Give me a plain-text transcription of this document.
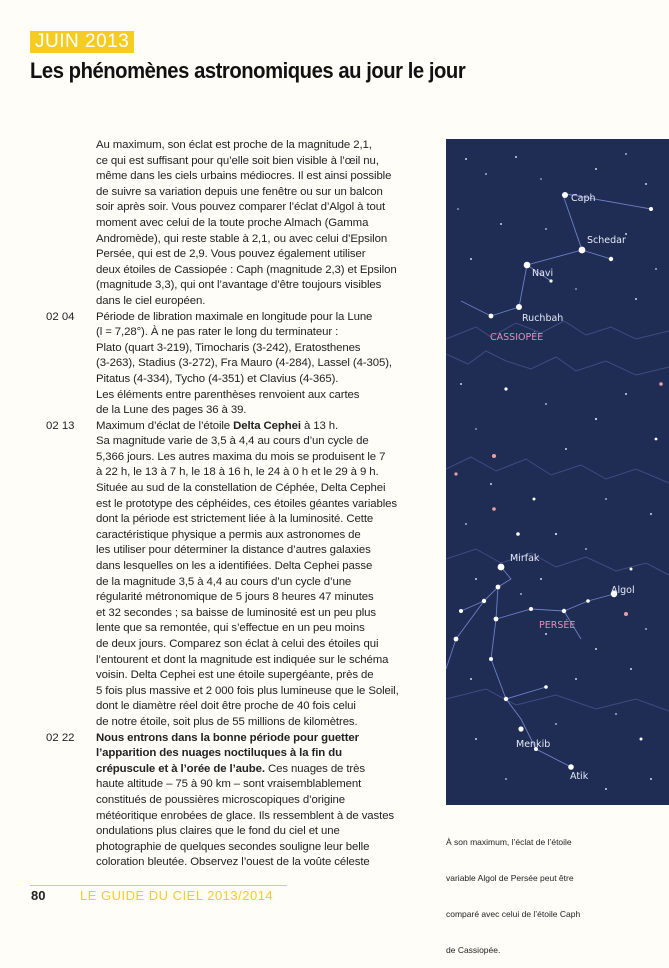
JUIN 2013
Les phénomènes astronomiques au jour le jour

Au maximum, son éclat est proche de la magnitude 2,1,

ce qui est suffisant pour qu’elle soit bien visible à l’œil nu,

même dans les ciels urbains médiocres. Il est ainsi possible

de suivre sa variation depuis une fenêtre ou sur un balcon

soir après soir. Vous pouvez comparer l’éclat d’Algol à tout

moment avec celui de la toute proche Almach (Gamma

Andromède), qui reste stable à 2,1, ou avec celui d’Epsilon

Persée, qui est de 2,9. Vous pouvez également utiliser

deux étoiles de Cassiopée : Caph (magnitude 2,3) et Epsilon

(magnitude 3,3), qui ont l’avantage d’être toujours visibles

dans le ciel européen.

02 04	Période de libration maximale en longitude pour la Lune

(l = 7,28°). À ne pas rater le long du terminateur :

Plato (quart 3-219), Timocharis (3-242), Eratosthenes

(3-263), Stadius (3-272), Fra Mauro (4-284), Lassel (4-305),

Pitatus (4-334), Tycho (4-351) et Clavius (4-365).

Les éléments entre parenthèses renvoient aux cartes

de la Lune des pages 36 à 39.

02 13	Maximum d’éclat de l’étoile Delta Cephei à 13 h.

Sa magnitude varie de 3,5 à 4,4 au cours d’un cycle de

5,366 jours. Les autres maxima du mois se produisent le 7

à 22 h, le 13 à 7 h, le 18 à 16 h, le 24 à 0 h et le 29 à 9 h.

Située au sud de la constellation de Céphée, Delta Cephei

est le prototype des céphéides, ces étoiles géantes variables

dont la période est strictement liée à la luminosité. Cette

caractéristique physique a permis aux astronomes de

les utiliser pour déterminer la distance d’autres galaxies

dans lesquelles on les a identifiées. Delta Cephei passe

de la magnitude 3,5 à 4,4 au cours d’un cycle d’une

régularité métronomique de 5 jours 8 heures 47 minutes

et 32 secondes ; sa baisse de luminosité est un peu plus

lente que sa remontée, qui s’effectue en un peu moins

de deux jours. Comparez son éclat à celui des étoiles qui

l’entourent et dont la magnitude est indiquée sur le schéma

voisin. Delta Cephei est une étoile supergéante, près de

5 fois plus massive et 2 000 fois plus lumineuse que le Soleil,

dont le diamètre réel doit être proche de 40 fois celui

de notre étoile, soit plus de 55 millions de kilomètres.

02 22	Nous entrons dans la bonne période pour guetter

l’apparition des nuages noctiluques à la fin du

crépuscule et à l’orée de l’aube. Ces nuages de très

haute altitude – 75 à 90 km – sont vraisemblablement

constitués de poussières microscopiques d’origine

météoritique enrobées de glace. Ils ressemblent à de vastes

ondulations plus claires que le fond du ciel et une

photographie de quelques secondes souligne leur belle

coloration bleutée. Observez l’ouest de la voûte céleste

Caph
Schedar
Navi
Ruchbah
Mirfak
Algol
Menkib
Atik
CASSIOPÉE
PERSÉE

À son maximum, l’éclat de l’étoile

variable Algol de Persée peut être

comparé avec celui de l’étoile Caph

de Cassiopée.

80	LE GUIDE DU CIEL 2013/2014
